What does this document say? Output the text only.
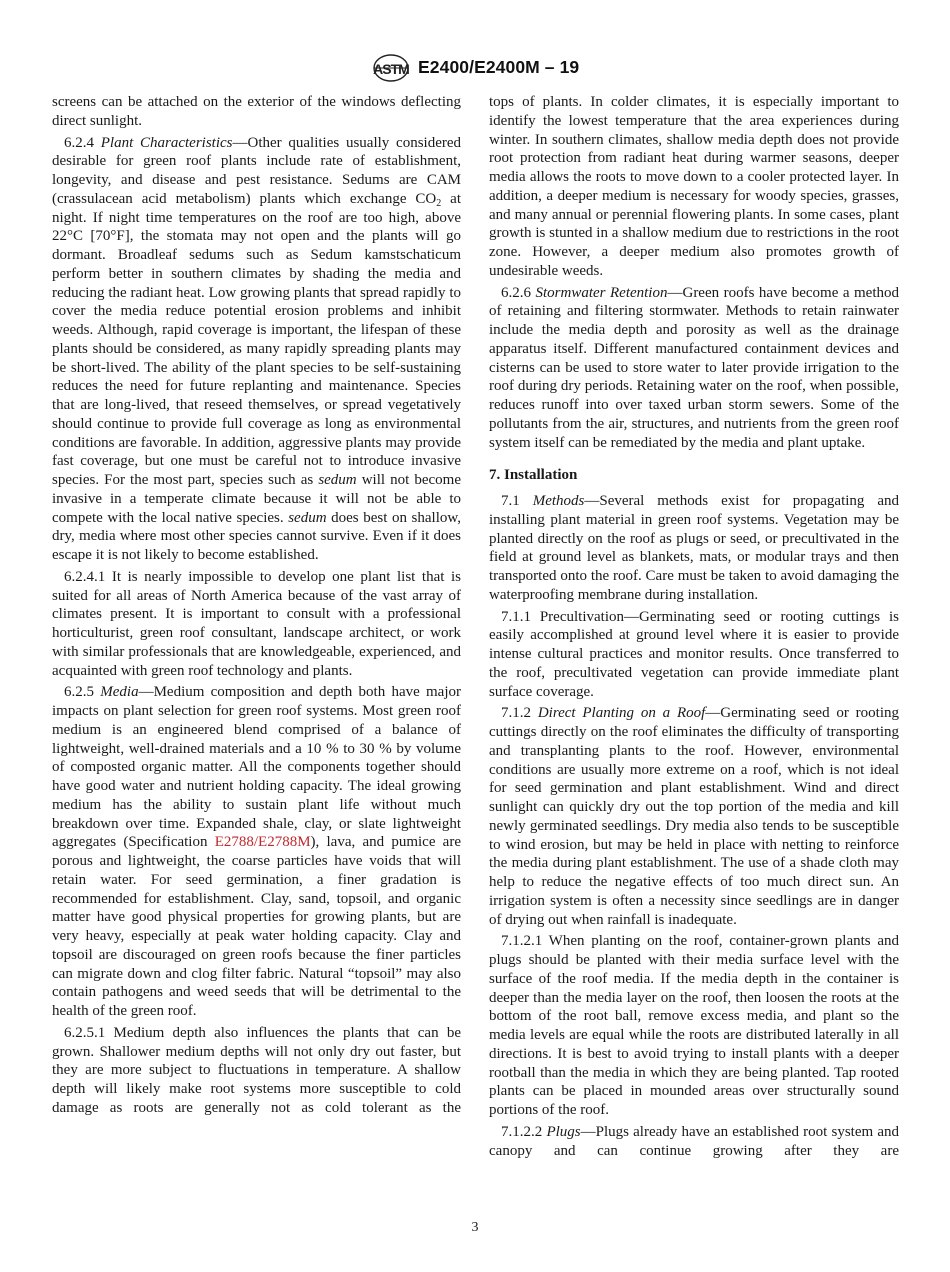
ASTM E2400/E2400M – 19

screens can be attached on the exterior of the windows deflecting direct sunlight.

6.2.4 Plant Characteristics—Other qualities usually considered desirable for green roof plants include rate of establishment, longevity, and disease and pest resistance. Sedums are CAM (crassulacean acid metabolism) plants which exchange $CO_2$ at night. If night time temperatures on the roof are too high, above 22°C [70°F], the stomata may not open and the plants will go dormant. Broadleaf sedums such as Sedum kamstschaticum perform better in southern climates by shading the media and reducing the radiant heat. Low growing plants that spread rapidly to cover the media reduce potential erosion problems and inhibit weeds. Although, rapid coverage is important, the lifespan of these plants should be considered, as many rapidly spreading plants may be short-lived. The ability of the plant species to be self-sustaining reduces the need for future replanting and maintenance. Species that are long-lived, that reseed themselves, or spread vegetatively should continue to provide full coverage as long as environmental conditions are favorable. In addition, aggressive plants may provide fast coverage, but one must be careful not to introduce invasive species. For the most part, species such as sedum will not become invasive in a temperate climate because it will not be able to compete with the local native species. sedum does best on shallow, dry, media where most other species cannot survive. Even if it does escape it is not likely to become established.

6.2.4.1 It is nearly impossible to develop one plant list that is suited for all areas of North America because of the vast array of climates present. It is important to consult with a professional horticulturist, green roof consultant, landscape architect, or work with similar professionals that are knowledgeable, experienced, and acquainted with green roof technology and plants.

6.2.5 Media—Medium composition and depth both have major impacts on plant selection for green roof systems. Most green roof medium is an engineered blend comprised of a balance of lightweight, well-drained materials and a 10 % to 30 % by volume of composted organic matter. All the components together should have good water and nutrient holding capacity. The ideal growing medium has the ability to sustain plant life without much breakdown over time. Expanded shale, clay, or slate lightweight aggregates (Specification E2788/E2788M), lava, and pumice are porous and lightweight, the coarse particles have voids that will retain water. For seed germination, a finer gradation is recommended for establishment. Clay, sand, topsoil, and organic matter have good physical properties for growing plants, but are very heavy, especially at peak water holding capacity. Clay and topsoil are discouraged on green roofs because the finer particles can migrate down and clog filter fabric. Natural “topsoil” may also contain pathogens and weed seeds that will be detrimental to the health of the green roof.

6.2.5.1 Medium depth also influences the plants that can be grown. Shallower medium depths will not only dry out faster, but they are more subject to fluctuations in temperature. A shallow depth will likely make root systems more susceptible to cold damage as roots are generally not as cold tolerant as the

tops of plants. In colder climates, it is especially important to identify the lowest temperature that the area experiences during winter. In southern climates, shallow media depth does not provide root protection from radiant heat during warmer seasons, deeper media allows the roots to move down to a cooler protected layer. In addition, a deeper medium is necessary for woody species, grasses, and many annual or perennial flowering plants. In some cases, plant growth is stunted in a shallow medium due to restrictions in the root zone. However, a deeper medium also promotes growth of undesirable weeds.

6.2.6 Stormwater Retention—Green roofs have become a method of retaining and filtering stormwater. Methods to retain rainwater include the media depth and porosity as well as the drainage apparatus itself. Different manufactured containment devices and cisterns can be used to store water to later provide irrigation to the roof during dry periods. Retaining water on the roof, when possible, reduces runoff into over taxed urban storm sewers. Some of the pollutants from the air, structures, and nutrients from the green roof system itself can be remediated by the media and plant uptake.

7. Installation

7.1 Methods—Several methods exist for propagating and installing plant material in green roof systems. Vegetation may be planted directly on the roof as plugs or seed, or precultivated in the field at ground level as blankets, mats, or modular trays and then transported onto the roof. Care must be taken to avoid damaging the waterproofing membrane during installation.

7.1.1 Precultivation—Germinating seed or rooting cuttings is easily accomplished at ground level where it is easier to provide intense cultural practices and monitor results. Once transferred to the roof, precultivated vegetation can provide immediate plant surface coverage.

7.1.2 Direct Planting on a Roof—Germinating seed or rooting cuttings directly on the roof eliminates the difficulty of transporting and transplanting plants to the roof. However, environmental conditions are usually more extreme on a roof, which is not ideal for seed germination and plant establishment. Wind and direct sunlight can quickly dry out the top portion of the media and kill newly germinated seedlings. Dry media also tends to be susceptible to wind erosion, but may be held in place with netting to reinforce the media during plant establishment. The use of a shade cloth may help to reduce the negative effects of too much direct sun. An irrigation system is often a necessity since seedlings are in danger of drying out when rainfall is inadequate.

7.1.2.1 When planting on the roof, container-grown plants and plugs should be planted with their media surface level with the surface of the roof media. If the media depth in the container is deeper than the media layer on the roof, then loosen the roots at the bottom of the root ball, remove excess media, and plant so the media levels are equal while the roots are distributed laterally in all directions. It is best to avoid trying to install plants with a deeper rootball than the media in which they are being planted. Tap rooted plants can be placed in mounded areas over structurally sound portions of the roof.

7.1.2.2 Plugs—Plugs already have an established root system and canopy and can continue growing after they are

3
